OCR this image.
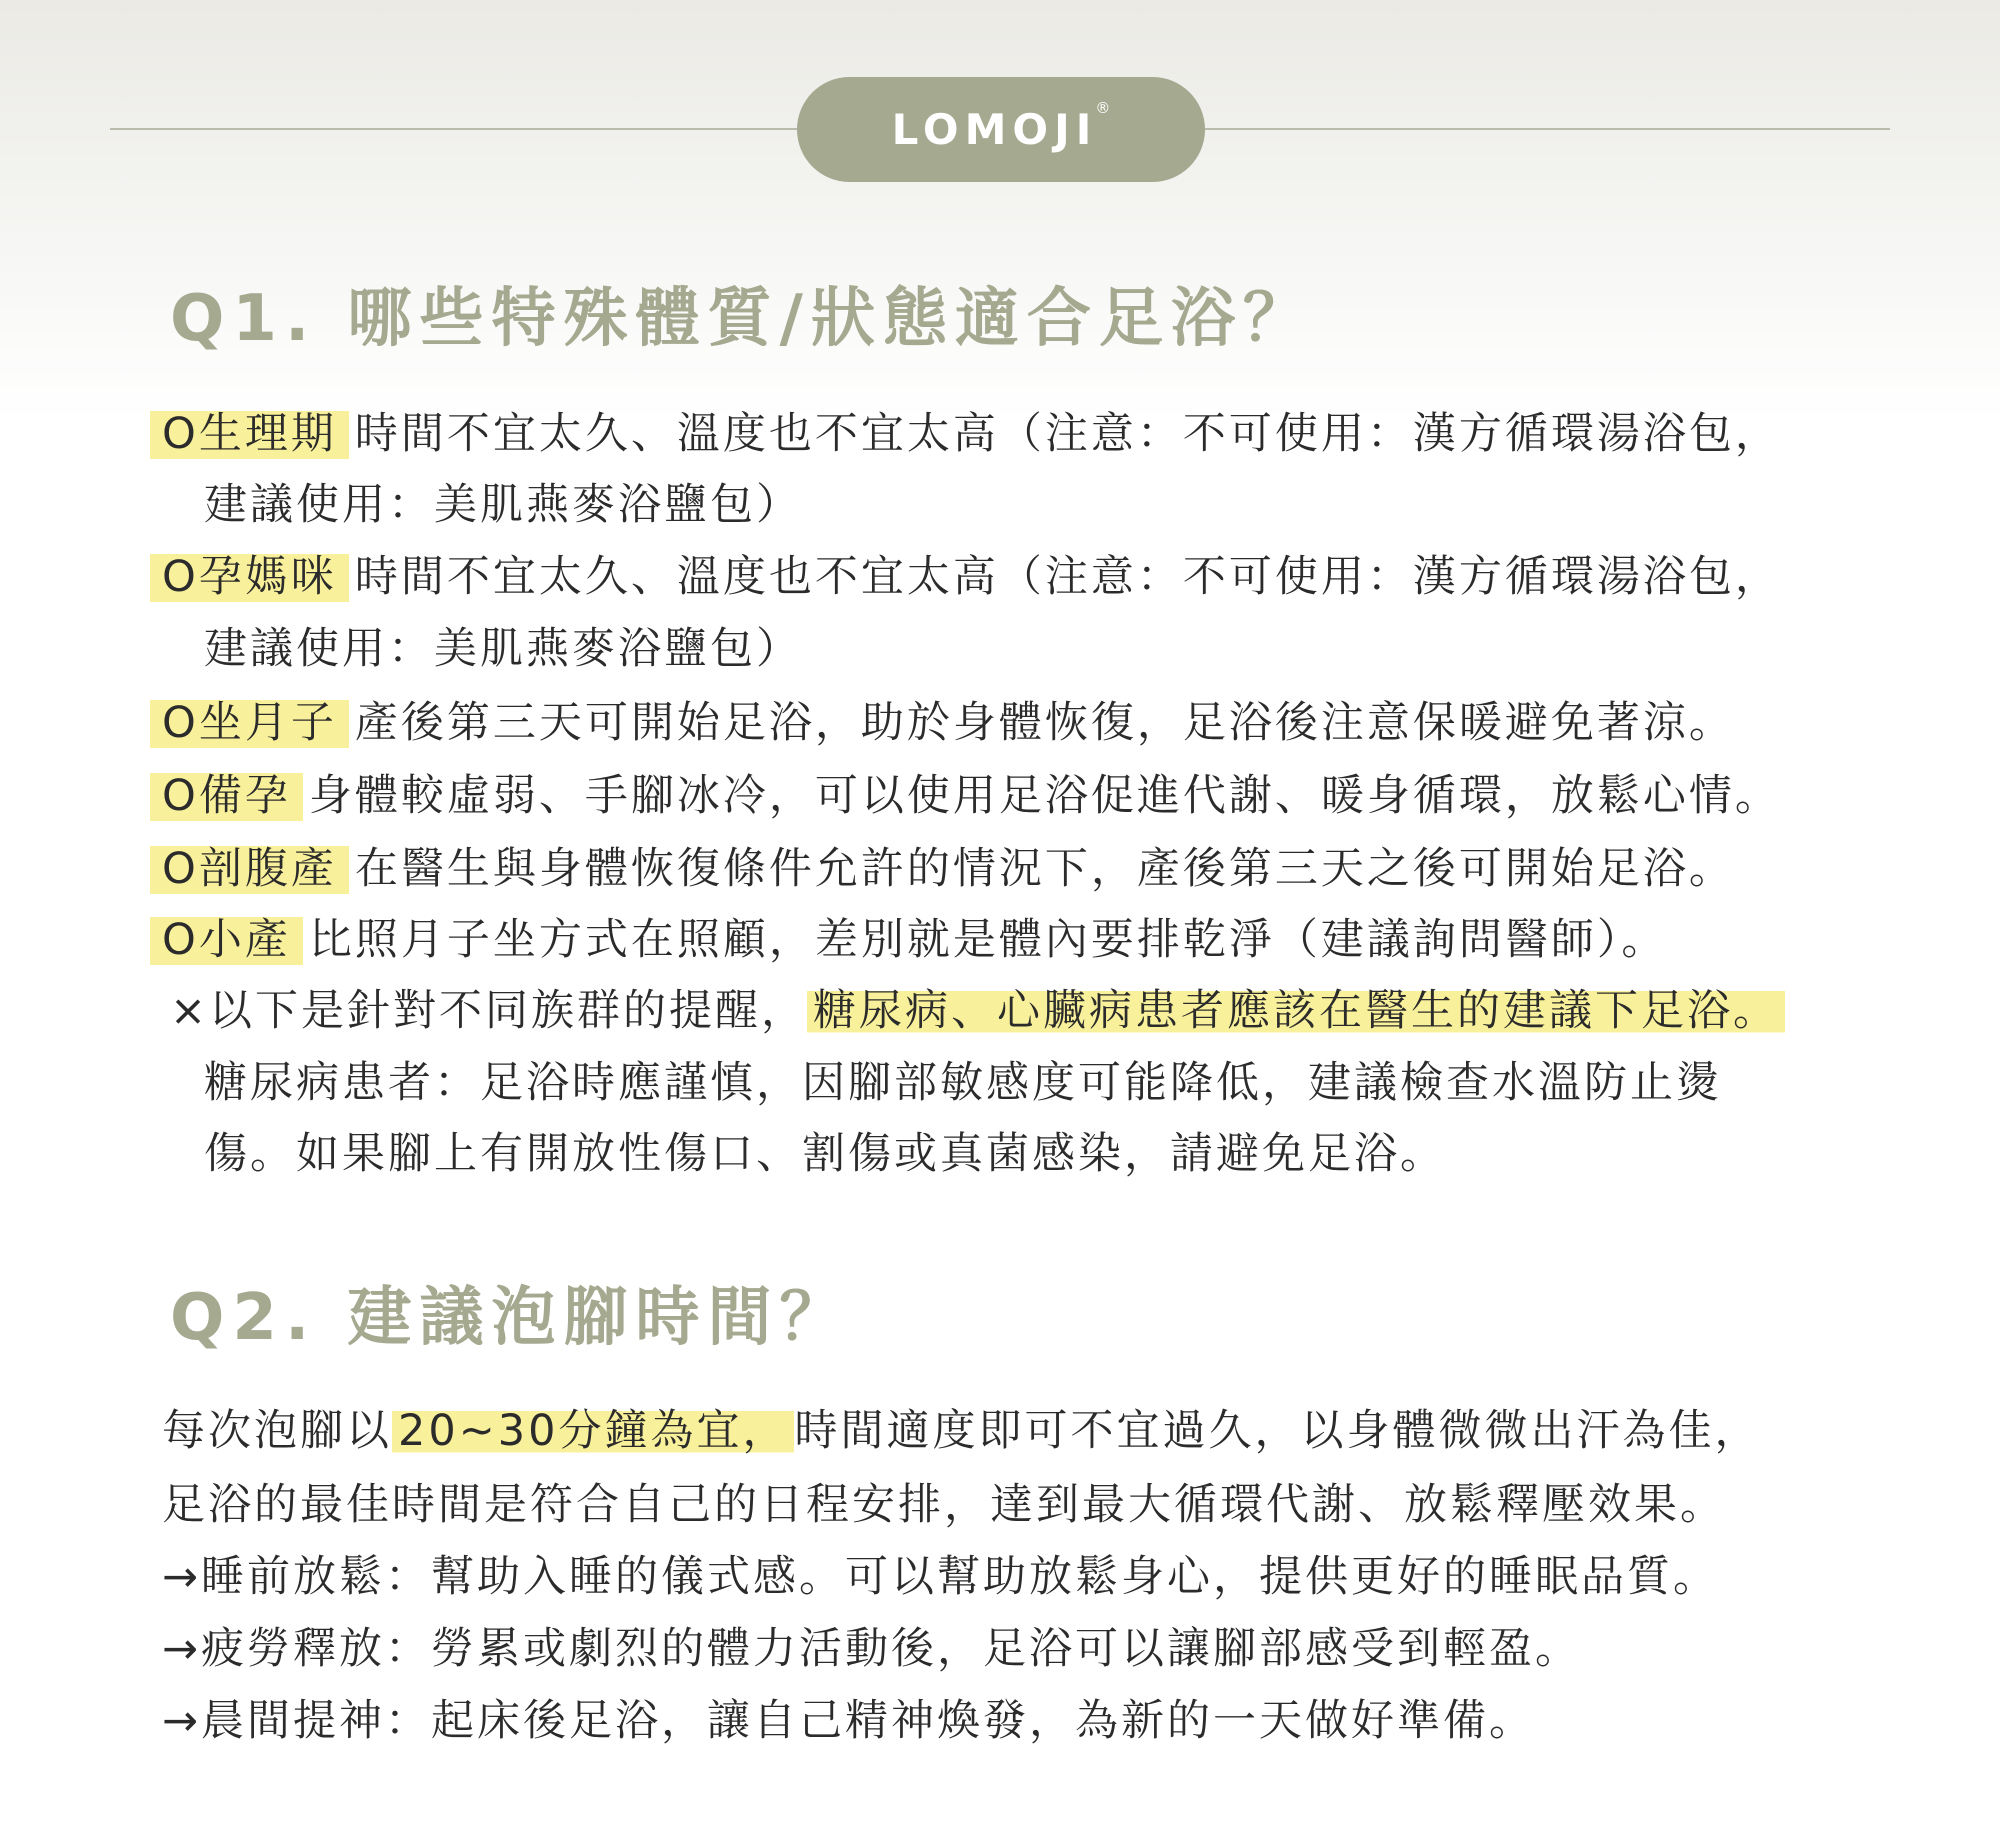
LOMOJI
®
Q1. 哪些特殊體質/狀態適合足浴？
O生理期 時間不宜太久、溫度也不宜太高（注意：不可使用：漢方循環湯浴包，
建議使用：美肌燕麥浴鹽包）
O孕媽咪 時間不宜太久、溫度也不宜太高（注意：不可使用：漢方循環湯浴包，
建議使用：美肌燕麥浴鹽包）
O坐月子 產後第三天可開始足浴，助於身體恢復，足浴後注意保暖避免著涼。
O備孕 身體較虛弱、手腳冰冷，可以使用足浴促進代謝、暖身循環，放鬆心情。
O剖腹產 在醫生與身體恢復條件允許的情況下，產後第三天之後可開始足浴。
O小產 比照月子坐方式在照顧，差別就是體內要排乾淨（建議詢問醫師）。
×以下是針對不同族群的提醒， 糖尿病、心臟病患者應該在醫生的建議下足浴。
糖尿病患者：足浴時應謹慎，因腳部敏感度可能降低，建議檢查水溫防止燙
傷。如果腳上有開放性傷口、割傷或真菌感染，請避免足浴。
Q2. 建議泡腳時間？
每次泡腳以 20~30分鐘為宜， 時間適度即可不宜過久，以身體微微出汗為佳，
足浴的最佳時間是符合自己的日程安排，達到最大循環代謝、放鬆釋壓效果。
→睡前放鬆：幫助入睡的儀式感。可以幫助放鬆身心，提供更好的睡眠品質。
→疲勞釋放：勞累或劇烈的體力活動後，足浴可以讓腳部感受到輕盈。
→晨間提神：起床後足浴，讓自己精神煥發，為新的一天做好準備。
